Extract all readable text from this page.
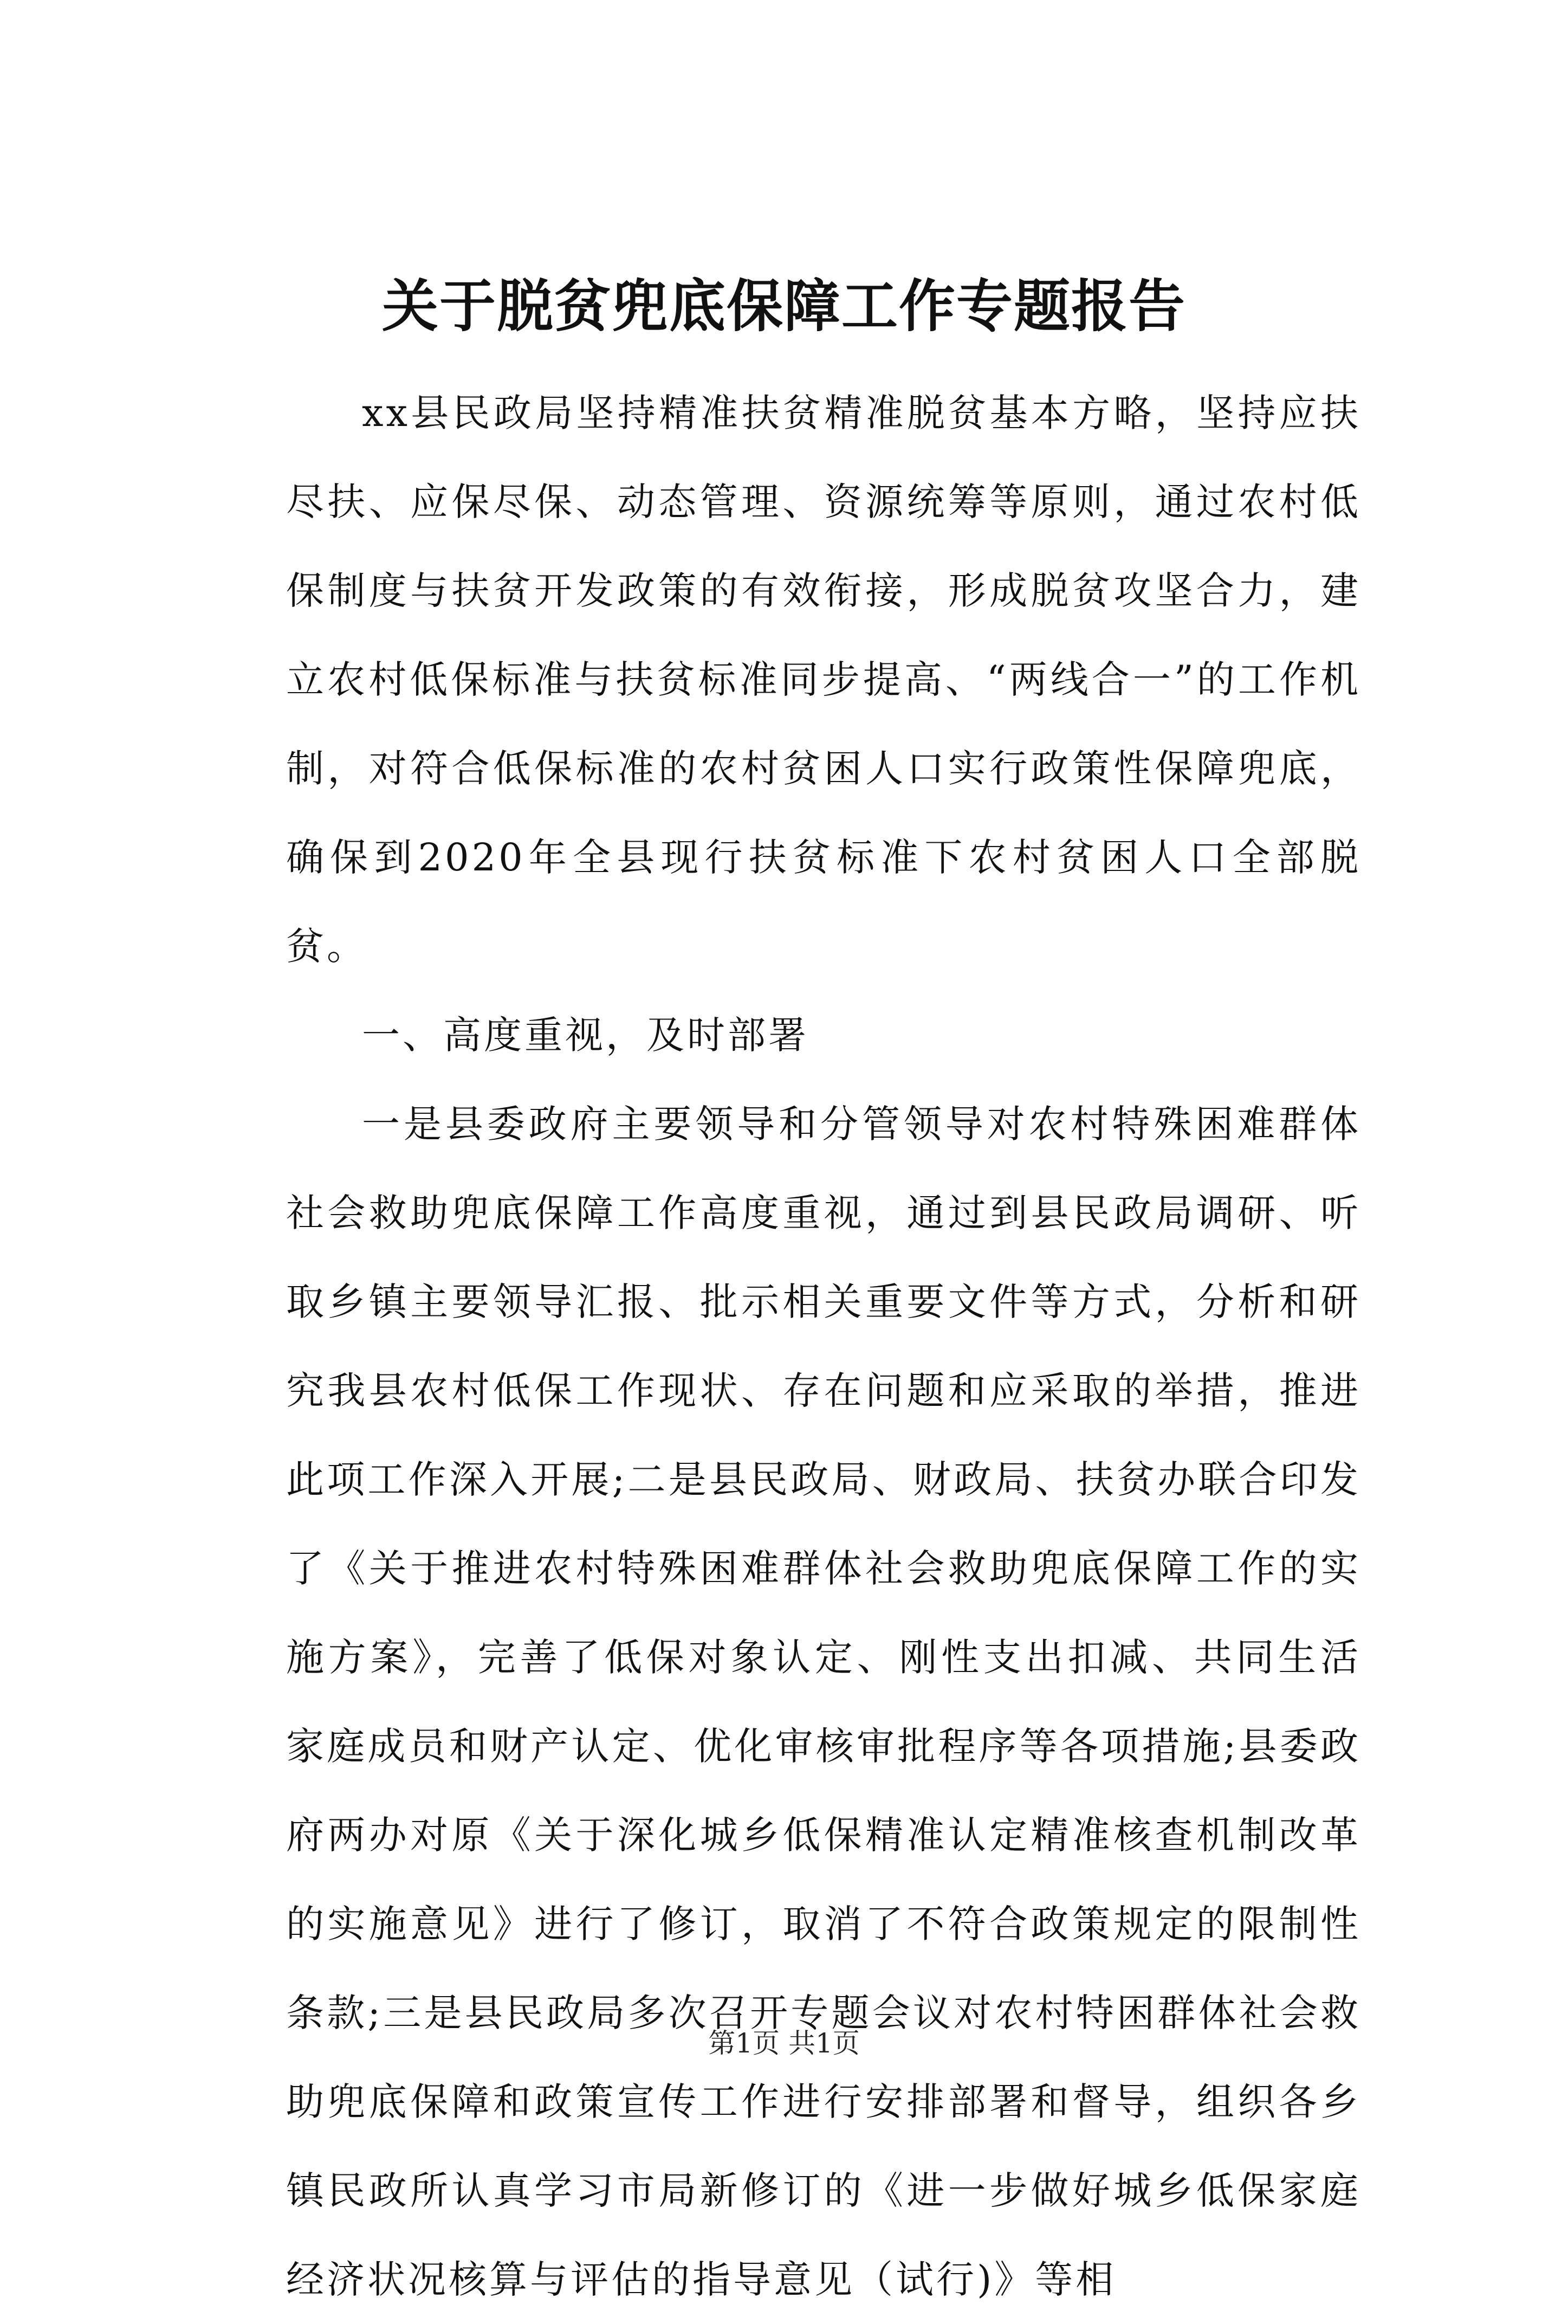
关于脱贫兜底保障工作专题报告

xx县民政局坚持精准扶贫精准脱贫基本方略，坚持应扶尽扶、应保尽保、动态管理、资源统筹等原则，通过农村低保制度与扶贫开发政策的有效衔接，形成脱贫攻坚合力，建立农村低保标准与扶贫标准同步提高、“两线合一”的工作机制，对符合低保标准的农村贫困人口实行政策性保障兜底，确保到2020年全县现行扶贫标准下农村贫困人口全部脱贫。

一、高度重视，及时部署

一是县委政府主要领导和分管领导对农村特殊困难群体社会救助兜底保障工作高度重视，通过到县民政局调研、听取乡镇主要领导汇报、批示相关重要文件等方式，分析和研究我县农村低保工作现状、存在问题和应采取的举措，推进此项工作深入开展;二是县民政局、财政局、扶贫办联合印发了《关于推进农村特殊困难群体社会救助兜底保障工作的实施方案》，完善了低保对象认定、刚性支出扣减、共同生活家庭成员和财产认定、优化审核审批程序等各项措施;县委政府两办对原《关于深化城乡低保精准认定精准核查机制改革的实施意见》进行了修订，取消了不符合政策规定的限制性条款;三是县民政局多次召开专题会议对农村特困群体社会救助兜底保障和政策宣传工作进行安排部署和督导，组织各乡镇民政所认真学习市局新修订的《进一步做好城乡低保家庭经济状况核算与评估的指导意见（试行)》等相

第1页 共1页
